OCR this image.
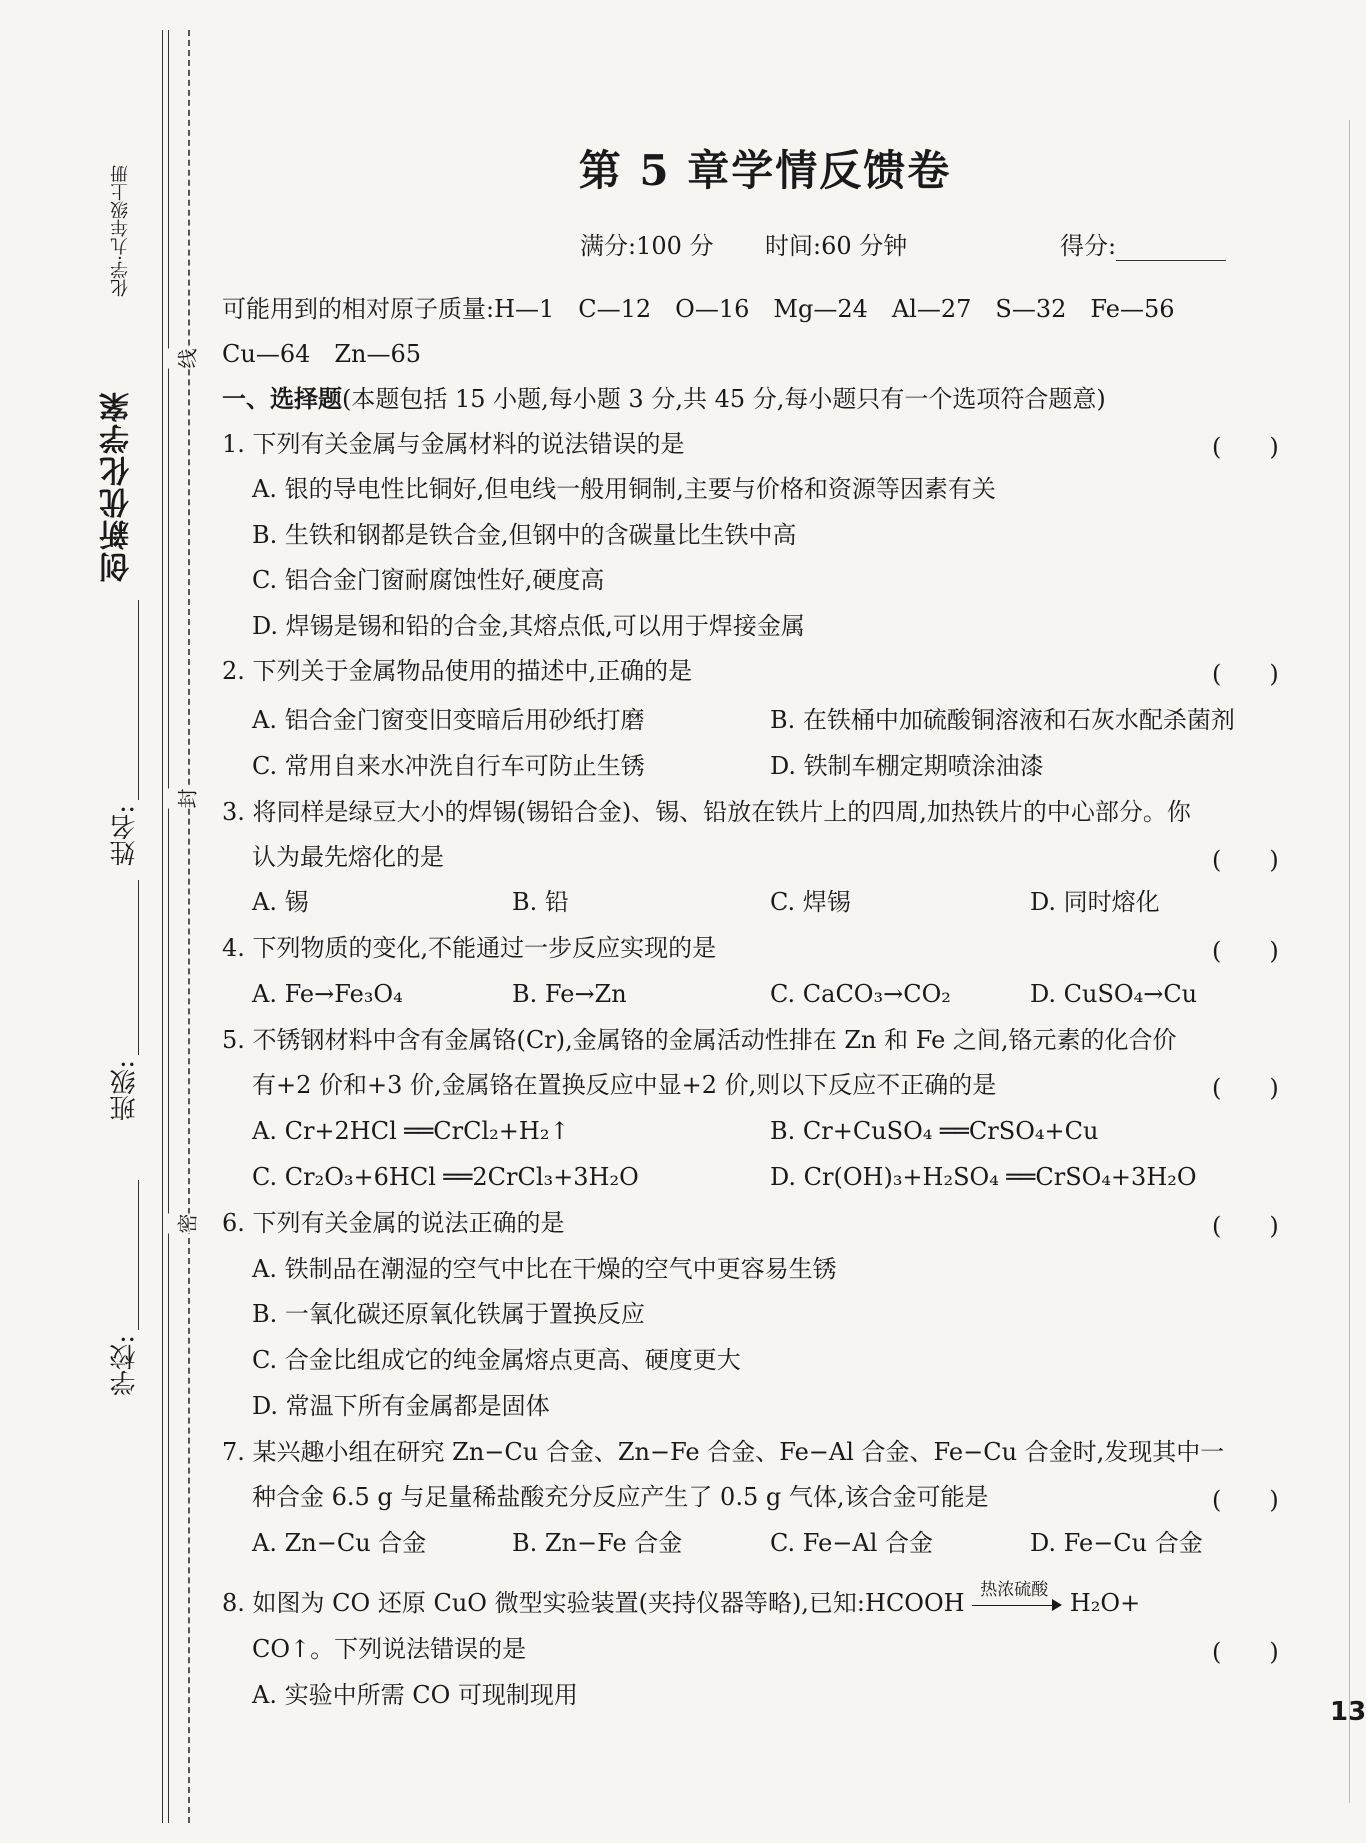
创新优化学案
化学·九年级上册
学校:
班级:
姓名:
线
封
密
13
第 5 章学情反馈卷
满分:100 分 时间:60 分钟	得分:
可能用到的相对原子质量:H—1　C—12　O—16　Mg—24　Al—27　S—32　Fe—56
Cu—64　Zn—65
一、选择题(本题包括 15 小题,每小题 3 分,共 45 分,每小题只有一个选项符合题意)
1. 下列有关金属与金属材料的说法错误的是	(　　)
A. 银的导电性比铜好,但电线一般用铜制,主要与价格和资源等因素有关
B. 生铁和钢都是铁合金,但钢中的含碳量比生铁中高
C. 铝合金门窗耐腐蚀性好,硬度高
D. 焊锡是锡和铅的合金,其熔点低,可以用于焊接金属
2. 下列关于金属物品使用的描述中,正确的是	(　　)
A. 铝合金门窗变旧变暗后用砂纸打磨	B. 在铁桶中加硫酸铜溶液和石灰水配杀菌剂
C. 常用自来水冲洗自行车可防止生锈	D. 铁制车棚定期喷涂油漆
3. 将同样是绿豆大小的焊锡(锡铅合金)、锡、铅放在铁片上的四周,加热铁片的中心部分。你
认为最先熔化的是	(　　)
A. 锡	B. 铅	C. 焊锡	D. 同时熔化
4. 下列物质的变化,不能通过一步反应实现的是	(　　)
A. Fe→Fe₃O₄	B. Fe→Zn	C. CaCO₃→CO₂	D. CuSO₄→Cu
5. 不锈钢材料中含有金属铬(Cr),金属铬的金属活动性排在 Zn 和 Fe 之间,铬元素的化合价
有+2 价和+3 价,金属铬在置换反应中显+2 价,则以下反应不正确的是	(　　)
A. Cr+2HCl ══CrCl₂+H₂↑	B. Cr+CuSO₄ ══CrSO₄+Cu
C. Cr₂O₃+6HCl ══2CrCl₃+3H₂O	D. Cr(OH)₃+H₂SO₄ ══CrSO₄+3H₂O
6. 下列有关金属的说法正确的是	(　　)
A. 铁制品在潮湿的空气中比在干燥的空气中更容易生锈
B. 一氧化碳还原氧化铁属于置换反应
C. 合金比组成它的纯金属熔点更高、硬度更大
D. 常温下所有金属都是固体
7. 某兴趣小组在研究 Zn−Cu 合金、Zn−Fe 合金、Fe−Al 合金、Fe−Cu 合金时,发现其中一
种合金 6.5 g 与足量稀盐酸充分反应产生了 0.5 g 气体,该合金可能是	(　　)
A. Zn−Cu 合金	B. Zn−Fe 合金	C. Fe−Al 合金	D. Fe−Cu 合金
8. 如图为 CO 还原 CuO 微型实验装置(夹持仪器等略),已知:HCOOH 热浓硫酸 H₂O+
CO↑。下列说法错误的是	(　　)
A. 实验中所需 CO 可现制现用
